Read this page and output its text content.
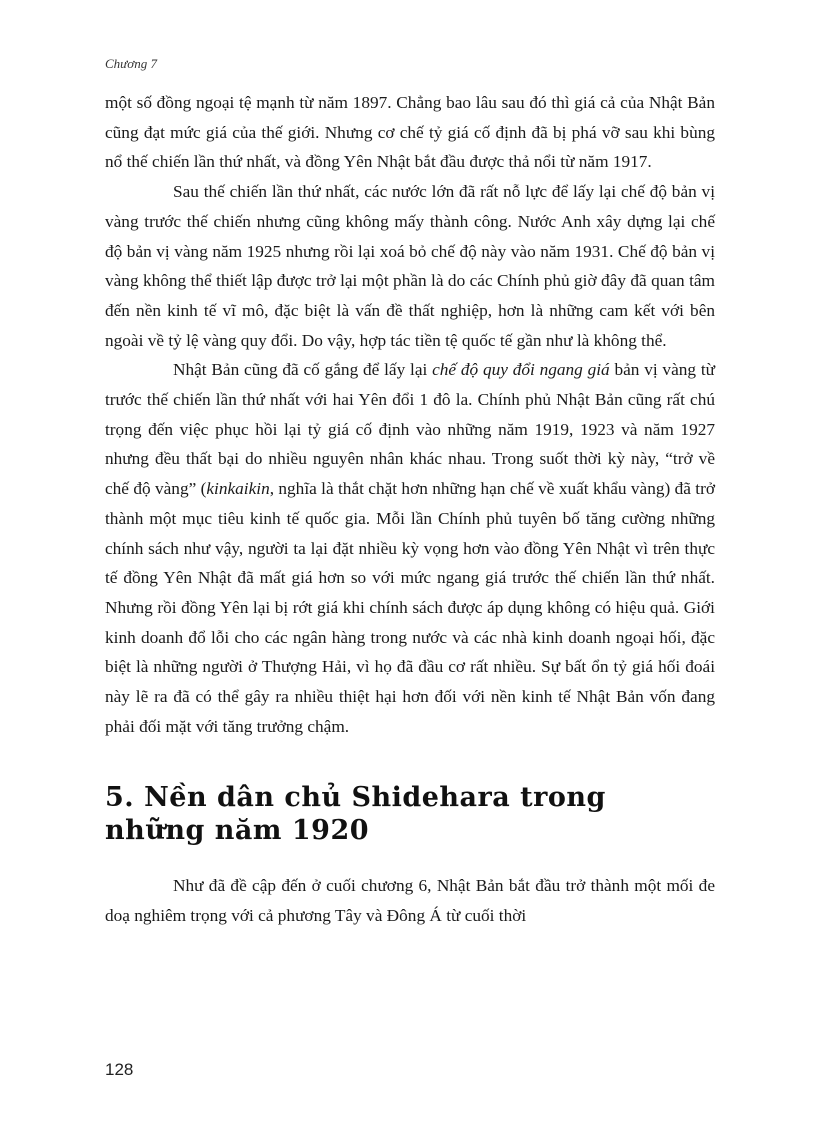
Chương 7

một số đồng ngoại tệ mạnh từ năm 1897. Chẳng bao lâu sau đó thì giá cả của Nhật Bản cũng đạt mức giá của thế giới. Nhưng cơ chế tỷ giá cố định đã bị phá vỡ sau khi bùng nổ thế chiến lần thứ nhất, và đồng Yên Nhật bắt đầu được thả nổi từ năm 1917.

Sau thế chiến lần thứ nhất, các nước lớn đã rất nỗ lực để lấy lại chế độ bản vị vàng trước thế chiến nhưng cũng không mấy thành công. Nước Anh xây dựng lại chế độ bản vị vàng năm 1925 nhưng rồi lại xoá bỏ chế độ này vào năm 1931. Chế độ bản vị vàng không thể thiết lập được trở lại một phần là do các Chính phủ giờ đây đã quan tâm đến nền kinh tế vĩ mô, đặc biệt là vấn đề thất nghiệp, hơn là những cam kết với bên ngoài về tỷ lệ vàng quy đổi. Do vậy, hợp tác tiền tệ quốc tế gần như là không thể.

Nhật Bản cũng đã cố gắng để lấy lại chế độ quy đổi ngang giá bản vị vàng từ trước thế chiến lần thứ nhất với hai Yên đổi 1 đô la. Chính phủ Nhật Bản cũng rất chú trọng đến việc phục hồi lại tỷ giá cố định vào những năm 1919, 1923 và năm 1927 nhưng đều thất bại do nhiều nguyên nhân khác nhau. Trong suốt thời kỳ này, “trở về chế độ vàng” (kinkaikin, nghĩa là thắt chặt hơn những hạn chế về xuất khẩu vàng) đã trở thành một mục tiêu kinh tế quốc gia. Mỗi lần Chính phủ tuyên bố tăng cường những chính sách như vậy, người ta lại đặt nhiều kỳ vọng hơn vào đồng Yên Nhật vì trên thực tế đồng Yên Nhật đã mất giá hơn so với mức ngang giá trước thế chiến lần thứ nhất. Nhưng rồi đồng Yên lại bị rớt giá khi chính sách được áp dụng không có hiệu quả. Giới kinh doanh đổ lỗi cho các ngân hàng trong nước và các nhà kinh doanh ngoại hối, đặc biệt là những người ở Thượng Hải, vì họ đã đầu cơ rất nhiều. Sự bất ổn tỷ giá hối đoái này lẽ ra đã có thể gây ra nhiều thiệt hại hơn đối với nền kinh tế Nhật Bản vốn đang phải đối mặt với tăng trưởng chậm.

5. Nền dân chủ Shidehara trong những năm 1920

Như đã đề cập đến ở cuối chương 6, Nhật Bản bắt đầu trở thành một mối đe doạ nghiêm trọng với cả phương Tây và Đông Á từ cuối thời

128
